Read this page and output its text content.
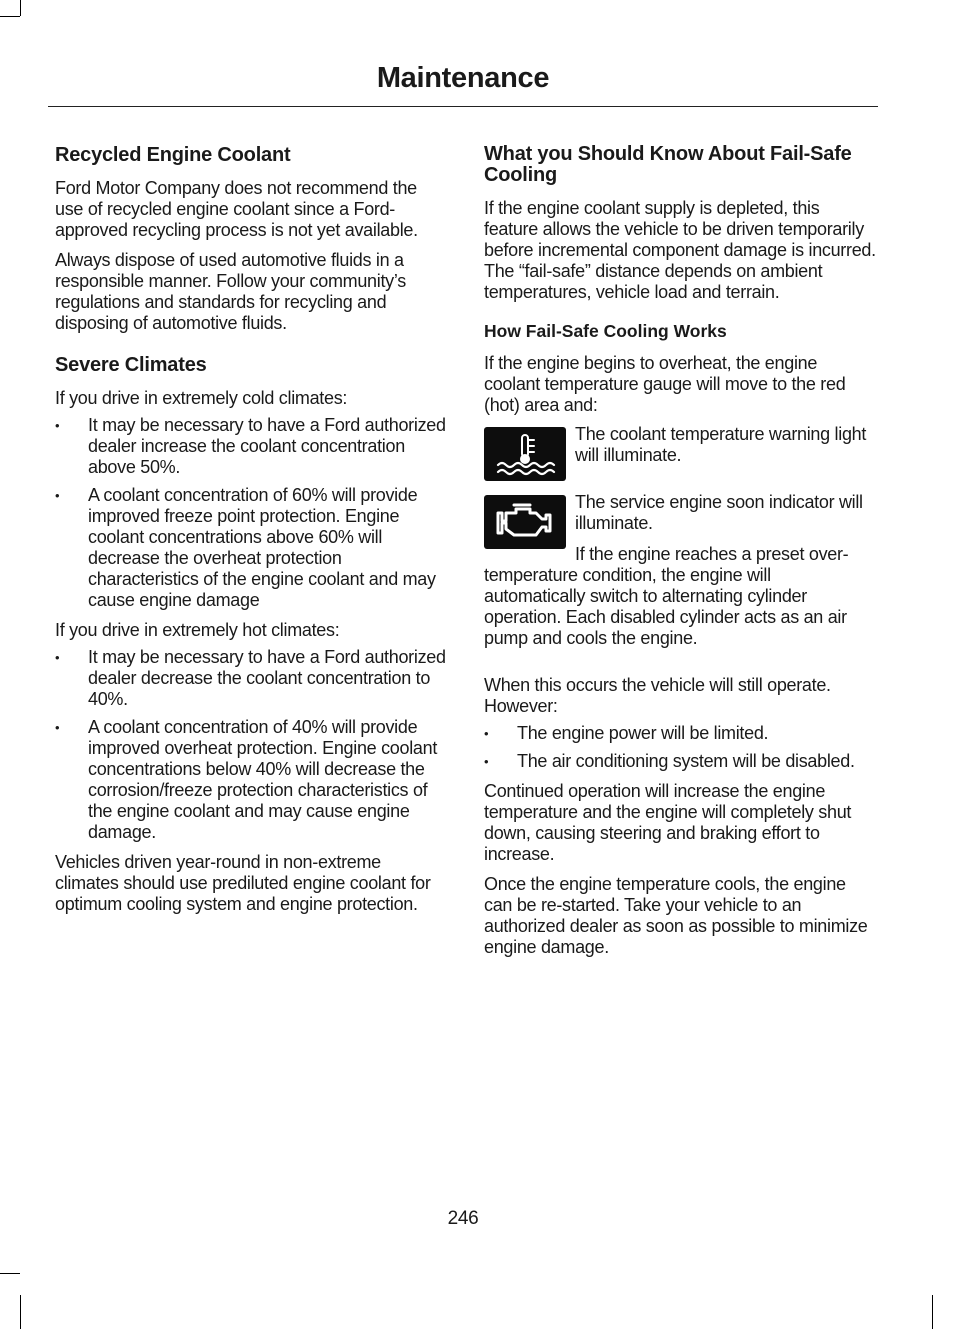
Maintenance
Recycled Engine Coolant

Ford Motor Company does not recommend the use of recycled engine coolant since a Ford-approved recycling process is not yet available.

Always dispose of used automotive fluids in a responsible manner. Follow your community’s regulations and standards for recycling and disposing of automotive fluids.

Severe Climates

If you drive in extremely cold climates:

• It may be necessary to have a Ford authorized dealer increase the coolant concentration above 50%.
• A coolant concentration of 60% will provide improved freeze point protection. Engine coolant concentrations above 60% will decrease the overheat protection characteristics of the engine coolant and may cause engine damage

If you drive in extremely hot climates:

• It may be necessary to have a Ford authorized dealer decrease the coolant concentration to 40%.
• A coolant concentration of 40% will provide improved overheat protection. Engine coolant concentrations below 40% will decrease the corrosion/freeze protection characteristics of the engine coolant and may cause engine damage.

Vehicles driven year-round in non-extreme climates should use prediluted engine coolant for optimum cooling system and engine protection.

What you Should Know About Fail-Safe Cooling

If the engine coolant supply is depleted, this feature allows the vehicle to be driven temporarily before incremental component damage is incurred. The “fail-safe” distance depends on ambient temperatures, vehicle load and terrain.

How Fail-Safe Cooling Works

If the engine begins to overheat, the engine coolant temperature gauge will move to the red (hot) area and:

The coolant temperature warning light will illuminate.
The service engine soon indicator will illuminate.

If the engine reaches a preset over-temperature condition, the engine will automatically switch to alternating cylinder operation. Each disabled cylinder acts as an air pump and cools the engine.

When this occurs the vehicle will still operate. However:

• The engine power will be limited.
• The air conditioning system will be disabled.

Continued operation will increase the engine temperature and the engine will completely shut down, causing steering and braking effort to increase.

Once the engine temperature cools, the engine can be re-started. Take your vehicle to an authorized dealer as soon as possible to minimize engine damage.

246
